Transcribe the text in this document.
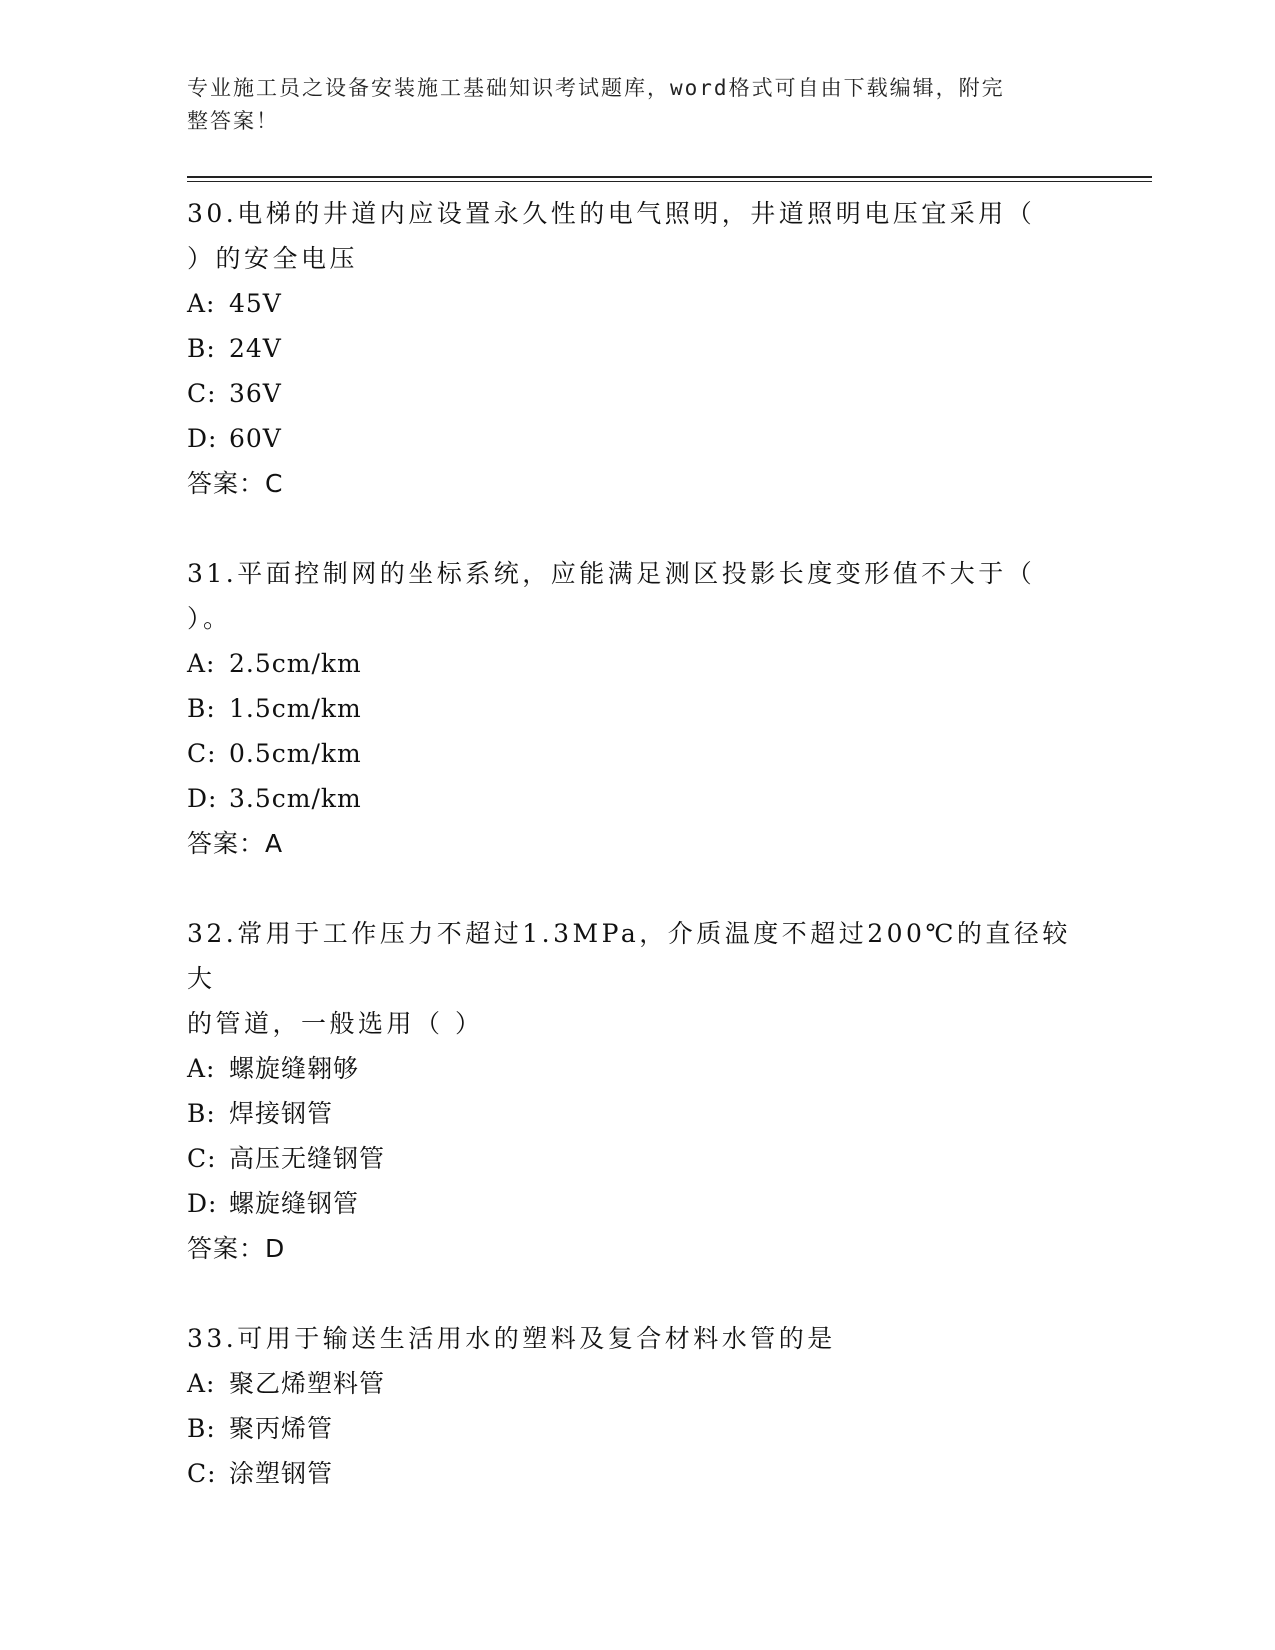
专业施工员之设备安装施工基础知识考试题库，word格式可自由下载编辑，附完
整答案！
30.电梯的井道内应设置永久性的电气照明，井道照明电压宜采用（
）的安全电压
A: 45V
B: 24V
C: 36V
D: 60V
答案：C
31.平面控制网的坐标系统，应能满足测区投影长度变形值不大于（
）。
A: 2.5cm/km
B: 1.5cm/km
C: 0.5cm/km
D: 3.5cm/km
答案：A
32.常用于工作压力不超过1.3MPa，介质温度不超过200℃的直径较大
的管道，一般选用（ ）
A: 螺旋缝翱够
B: 焊接钢管
C: 高压无缝钢管
D: 螺旋缝钢管
答案：D
33.可用于输送生活用水的塑料及复合材料水管的是
A: 聚乙烯塑料管
B: 聚丙烯管
C: 涂塑钢管
